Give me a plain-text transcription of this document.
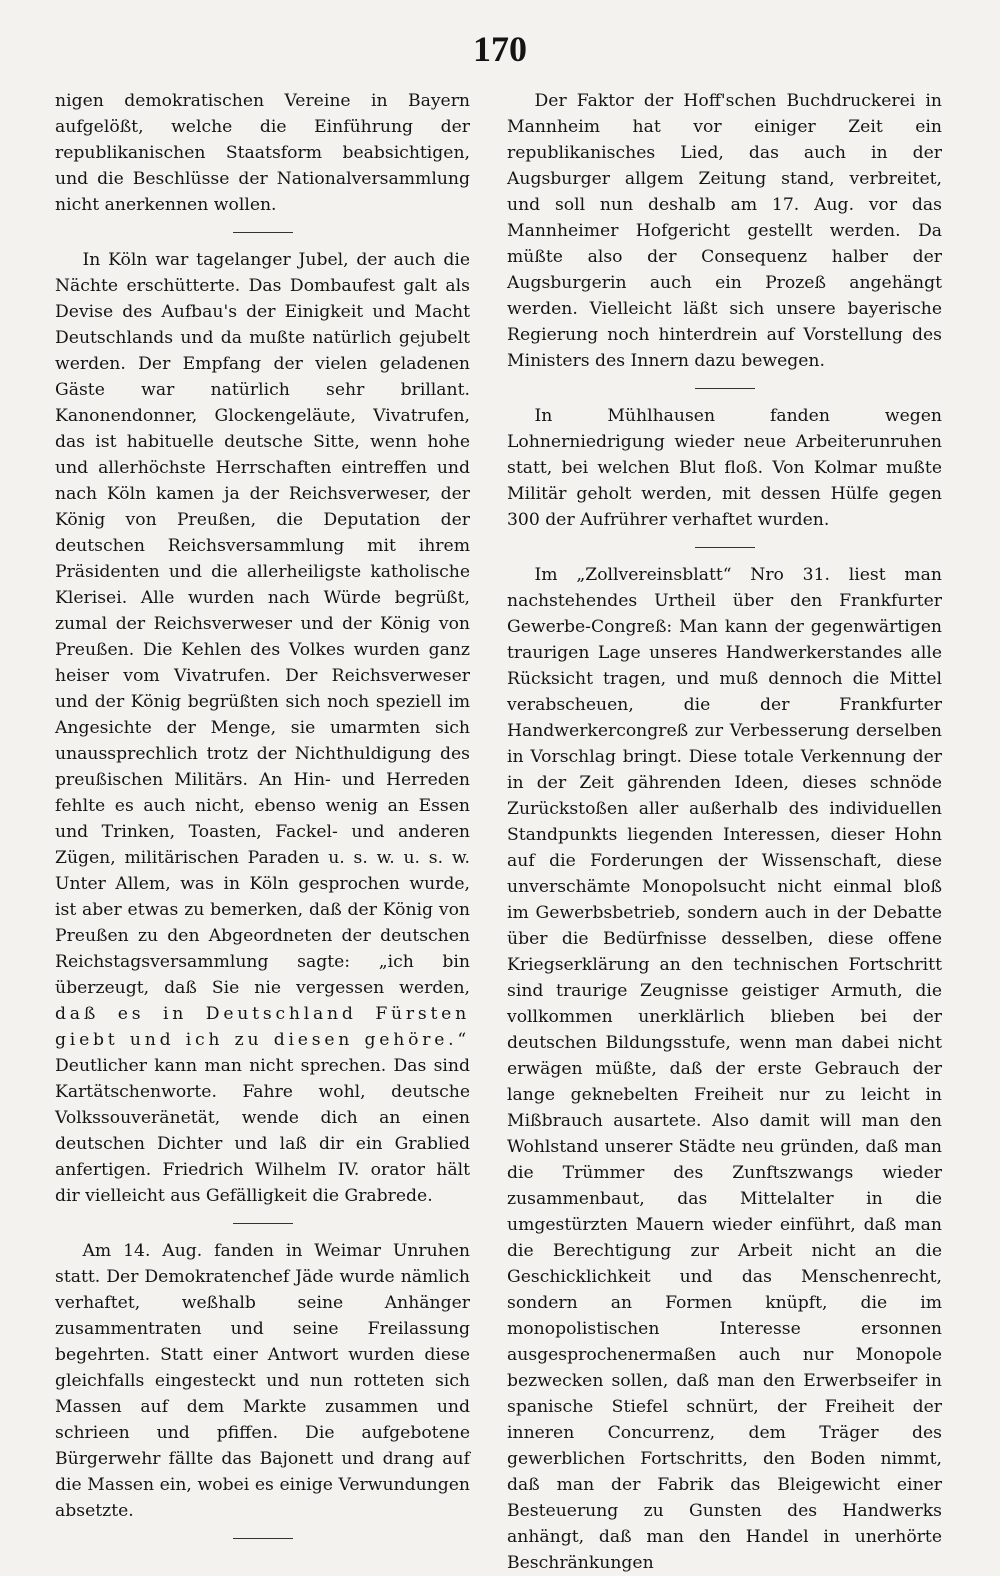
170

nigen demokratischen Vereine in Bayern aufgelößt, welche die Einführung der republikanischen Staatsform beabsichtigen, und die Beschlüsse der Nationalversammlung nicht anerkennen wollen.

In Köln war tagelanger Jubel, der auch die Nächte erschütterte. Das Dombaufest galt als Devise des Aufbau's der Einigkeit und Macht Deutschlands und da mußte natürlich gejubelt werden. Der Empfang der vielen geladenen Gäste war natürlich sehr brillant. Kanonendonner, Glockengeläute, Vivatrufen, das ist habituelle deutsche Sitte, wenn hohe und allerhöchste Herrschaften eintreffen und nach Köln kamen ja der Reichsverweser, der König von Preußen, die Deputation der deutschen Reichsversammlung mit ihrem Präsidenten und die allerheiligste katholische Klerisei. Alle wurden nach Würde begrüßt, zumal der Reichsverweser und der König von Preußen. Die Kehlen des Volkes wurden ganz heiser vom Vivatrufen. Der Reichsverweser und der König begrüßten sich noch speziell im Angesichte der Menge, sie umarmten sich unaussprechlich trotz der Nichthuldigung des preußischen Militärs. An Hin- und Herreden fehlte es auch nicht, ebenso wenig an Essen und Trinken, Toasten, Fackel- und anderen Zügen, militärischen Paraden u. s. w. u. s. w. Unter Allem, was in Köln gesprochen wurde, ist aber etwas zu bemerken, daß der König von Preußen zu den Abgeordneten der deutschen Reichstagsversammlung sagte: „ich bin überzeugt, daß Sie nie vergessen werden, daß es in Deutschland Fürsten giebt und ich zu diesen gehöre.“ Deutlicher kann man nicht sprechen. Das sind Kartätschenworte. Fahre wohl, deutsche Volkssouveränetät, wende dich an einen deutschen Dichter und laß dir ein Grablied anfertigen. Friedrich Wilhelm IV. orator hält dir vielleicht aus Gefälligkeit die Grabrede.

Am 14. Aug. fanden in Weimar Unruhen statt. Der Demokratenchef Jäde wurde nämlich verhaftet, weßhalb seine Anhänger zusammentraten und seine Freilassung begehrten. Statt einer Antwort wurden diese gleichfalls eingesteckt und nun rotteten sich Massen auf dem Markte zusammen und schrieen und pfiffen. Die aufgebotene Bürgerwehr fällte das Bajonett und drang auf die Massen ein, wobei es einige Verwundungen absetzte.

Der Faktor der Hoff'schen Buchdruckerei in Mannheim hat vor einiger Zeit ein republikanisches Lied, das auch in der Augsburger allgem Zeitung stand, verbreitet, und soll nun deshalb am 17. Aug. vor das Mannheimer Hofgericht gestellt werden. Da müßte also der Consequenz halber der Augsburgerin auch ein Prozeß angehängt werden. Vielleicht läßt sich unsere bayerische Regierung noch hinterdrein auf Vorstellung des Ministers des Innern dazu bewegen.

In Mühlhausen fanden wegen Lohnerniedrigung wieder neue Arbeiterunruhen statt, bei welchen Blut floß. Von Kolmar mußte Militär geholt werden, mit dessen Hülfe gegen 300 der Aufrührer verhaftet wurden.

Im „Zollvereinsblatt“ Nro 31. liest man nachstehendes Urtheil über den Frankfurter Gewerbe-Congreß: Man kann der gegenwärtigen traurigen Lage unseres Handwerkerstandes alle Rücksicht tragen, und muß dennoch die Mittel verabscheuen, die der Frankfurter Handwerkercongreß zur Verbesserung derselben in Vorschlag bringt. Diese totale Verkennung der in der Zeit gährenden Ideen, dieses schnöde Zurückstoßen aller außerhalb des individuellen Standpunkts liegenden Interessen, dieser Hohn auf die Forderungen der Wissenschaft, diese unverschämte Monopolsucht nicht einmal bloß im Gewerbsbetrieb, sondern auch in der Debatte über die Bedürfnisse desselben, diese offene Kriegserklärung an den technischen Fortschritt sind traurige Zeugnisse geistiger Armuth, die vollkommen unerklärlich blieben bei der deutschen Bildungsstufe, wenn man dabei nicht erwägen müßte, daß der erste Gebrauch der lange geknebelten Freiheit nur zu leicht in Mißbrauch ausartete. Also damit will man den Wohlstand unserer Städte neu gründen, daß man die Trümmer des Zunftszwangs wieder zusammenbaut, das Mittelalter in die umgestürzten Mauern wieder einführt, daß man die Berechtigung zur Arbeit nicht an die Geschicklichkeit und das Menschenrecht, sondern an Formen knüpft, die im monopolistischen Interesse ersonnen ausgesprochenermaßen auch nur Monopole bezwecken sollen, daß man den Erwerbseifer in spanische Stiefel schnürt, der Freiheit der inneren Concurrenz, dem Träger des gewerblichen Fortschritts, den Boden nimmt, daß man der Fabrik das Bleigewicht einer Besteuerung zu Gunsten des Handwerks anhängt, daß man den Handel in unerhörte Beschränkungen
